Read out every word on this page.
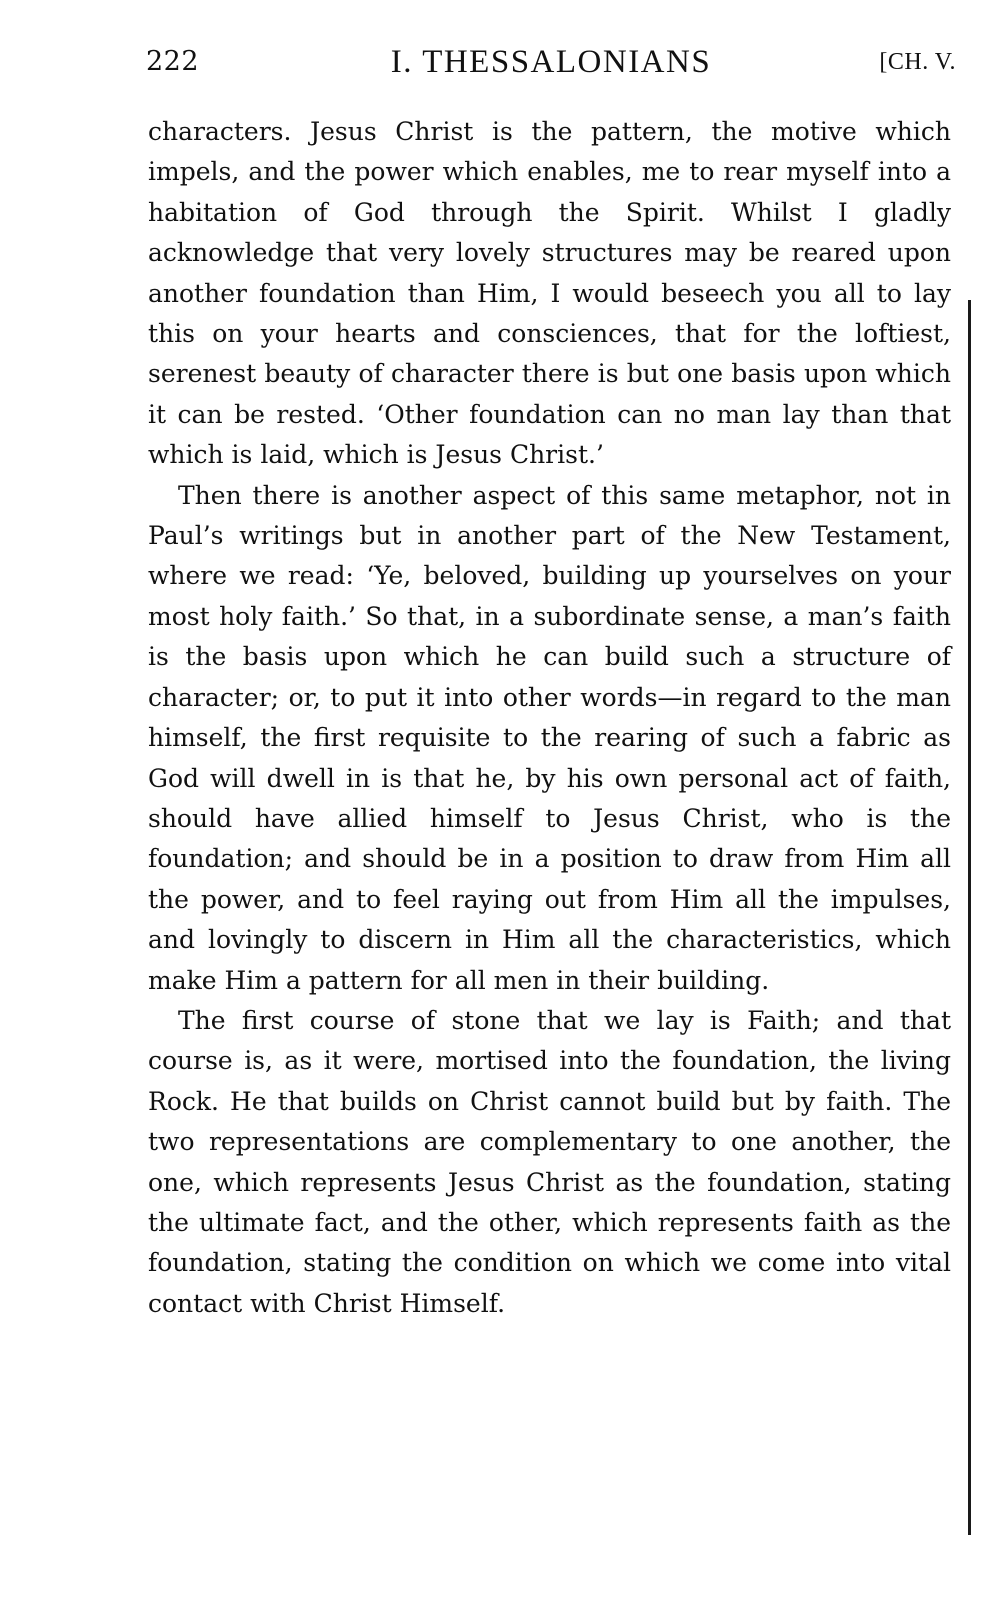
222	I. THESSALONIANS	[CH. V.

characters. Jesus Christ is the pattern, the motive which impels, and the power which enables, me to rear myself into a habitation of God through the Spirit. Whilst I gladly acknowledge that very lovely structures may be reared upon another foundation than Him, I would beseech you all to lay this on your hearts and consciences, that for the loftiest, serenest beauty of character there is but one basis upon which it can be rested. ‘Other foundation can no man lay than that which is laid, which is Jesus Christ.’

Then there is another aspect of this same metaphor, not in Paul’s writings but in another part of the New Testament, where we read: ‘Ye, beloved, building up yourselves on your most holy faith.’ So that, in a subordinate sense, a man’s faith is the basis upon which he can build such a structure of character; or, to put it into other words—in regard to the man himself, the first requisite to the rearing of such a fabric as God will dwell in is that he, by his own personal act of faith, should have allied himself to Jesus Christ, who is the foundation; and should be in a position to draw from Him all the power, and to feel raying out from Him all the impulses, and lovingly to discern in Him all the characteristics, which make Him a pattern for all men in their building.

The first course of stone that we lay is Faith; and that course is, as it were, mortised into the foundation, the living Rock. He that builds on Christ cannot build but by faith. The two representations are complementary to one another, the one, which represents Jesus Christ as the foundation, stating the ultimate fact, and the other, which represents faith as the foundation, stating the condition on which we come into vital contact with Christ Himself.
